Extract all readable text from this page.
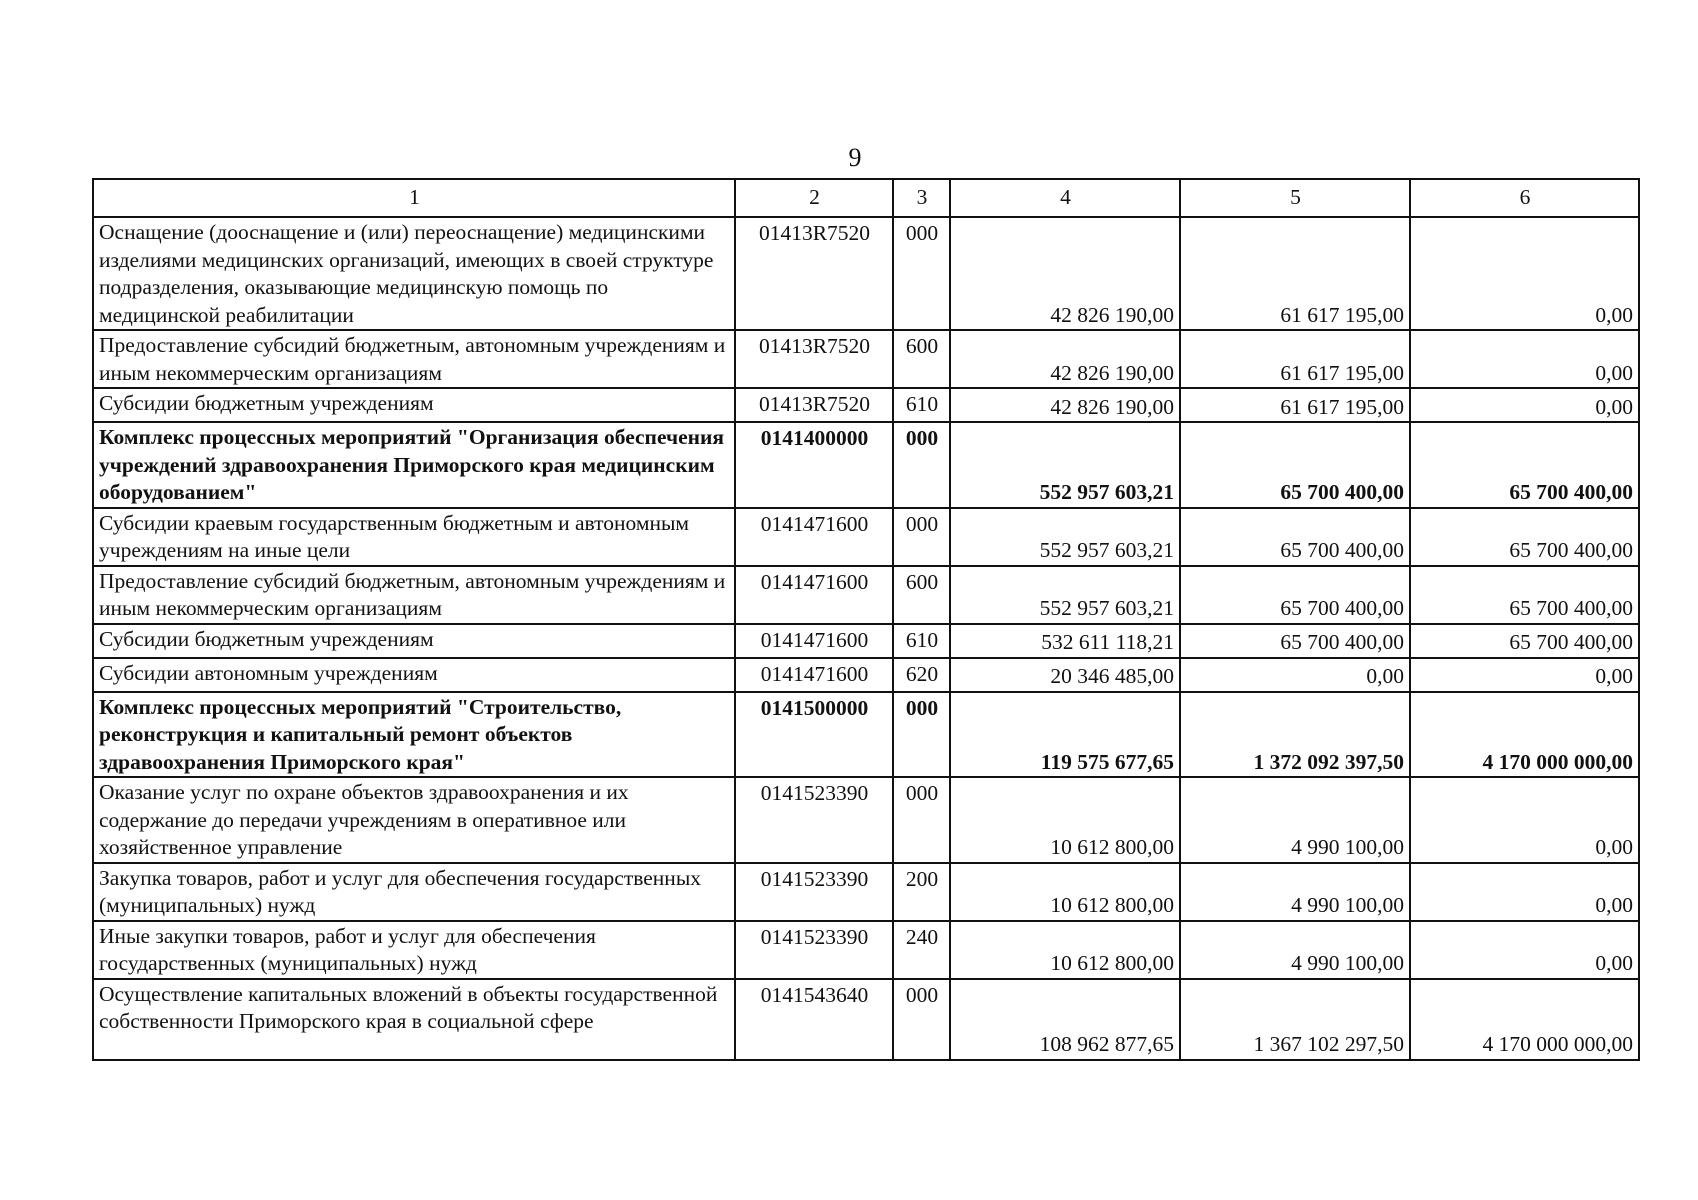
9
1	2	3	4	5	6
Оснащение (дооснащение и (или) переоснащение) медицинскими изделиями медицинских организаций, имеющих в своей структуре подразделения, оказывающие медицинскую помощь по медицинской реабилитации	01413R7520	000	42 826 190,00	61 617 195,00	0,00
Предоставление субсидий бюджетным, автономным учреждениям и иным некоммерческим организациям	01413R7520	600	42 826 190,00	61 617 195,00	0,00
Субсидии бюджетным учреждениям	01413R7520	610	42 826 190,00	61 617 195,00	0,00
Комплекс процессных мероприятий "Организация обеспечения учреждений здравоохранения Приморского края медицинским оборудованием"	0141400000	000	552 957 603,21	65 700 400,00	65 700 400,00
Субсидии краевым государственным бюджетным и автономным учреждениям на иные цели	0141471600	000	552 957 603,21	65 700 400,00	65 700 400,00
Предоставление субсидий бюджетным, автономным учреждениям и иным некоммерческим организациям	0141471600	600	552 957 603,21	65 700 400,00	65 700 400,00
Субсидии бюджетным учреждениям	0141471600	610	532 611 118,21	65 700 400,00	65 700 400,00
Субсидии автономным учреждениям	0141471600	620	20 346 485,00	0,00	0,00
Комплекс процессных мероприятий "Строительство, реконструкция и капитальный ремонт объектов здравоохранения Приморского края"	0141500000	000	119 575 677,65	1 372 092 397,50	4 170 000 000,00
Оказание услуг по охране объектов здравоохранения и их содержание до передачи учреждениям в оперативное или хозяйственное управление	0141523390	000	10 612 800,00	4 990 100,00	0,00
Закупка товаров, работ и услуг для обеспечения государственных (муниципальных) нужд	0141523390	200	10 612 800,00	4 990 100,00	0,00
Иные закупки товаров, работ и услуг для обеспечения государственных (муниципальных) нужд	0141523390	240	10 612 800,00	4 990 100,00	0,00
Осуществление капитальных вложений в объекты государственной собственности Приморского края в социальной сфере	0141543640	000	108 962 877,65	1 367 102 297,50	4 170 000 000,00
